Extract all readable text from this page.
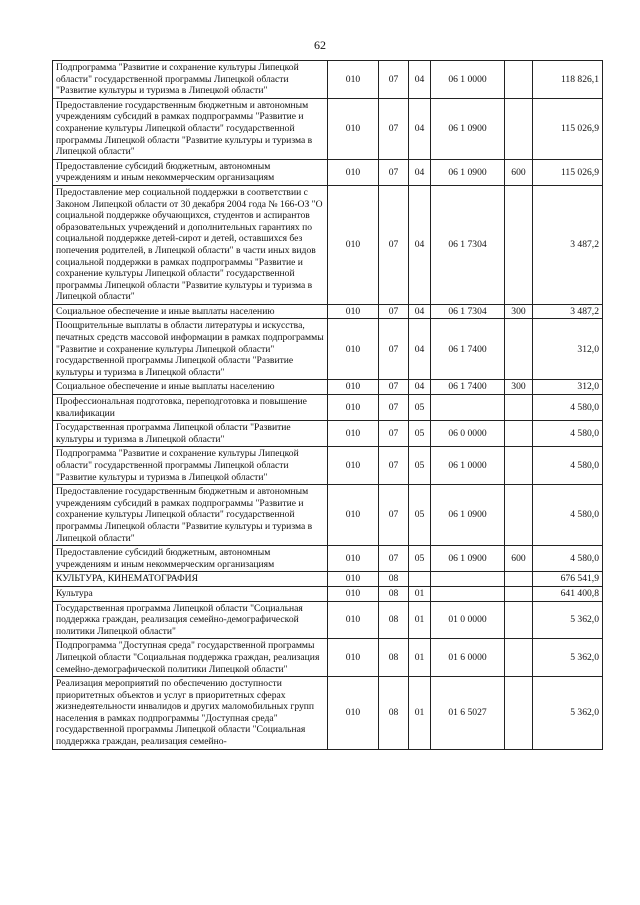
62
Подпрограмма "Развитие и сохранение культуры Липецкой области" государственной программы Липецкой области "Развитие культуры и туризма в Липецкой области"	010	07	04	06 1 0000		118 826,1
Предоставление государственным бюджетным и автономным учреждениям субсидий в рамках подпрограммы "Развитие и сохранение культуры Липецкой области" государственной программы Липецкой области "Развитие культуры и туризма в Липецкой области"	010	07	04	06 1 0900		115 026,9
Предоставление субсидий бюджетным, автономным учреждениям и иным некоммерческим организациям	010	07	04	06 1 0900	600	115 026,9
Предоставление мер социальной поддержки в соответствии с Законом Липецкой области от 30 декабря 2004 года № 166-ОЗ "О социальной поддержке обучающихся, студентов и аспирантов образовательных учреждений и дополнительных гарантиях по социальной поддержке детей-сирот и детей, оставшихся без попечения родителей, в Липецкой области" в части иных видов социальной поддержки в рамках подпрограммы "Развитие и сохранение культуры Липецкой области" государственной программы Липецкой области "Развитие культуры и туризма в Липецкой области"	010	07	04	06 1 7304		3 487,2
Социальное обеспечение и иные выплаты населению	010	07	04	06 1 7304	300	3 487,2
Поощрительные выплаты в области литературы и искусства, печатных средств массовой информации в рамках подпрограммы "Развитие и сохранение культуры Липецкой области" государственной программы Липецкой области "Развитие культуры и туризма в Липецкой области"	010	07	04	06 1 7400		312,0
Социальное обеспечение и иные выплаты населению	010	07	04	06 1 7400	300	312,0
Профессиональная подготовка, переподготовка и повышение квалификации	010	07	05			4 580,0
Государственная программа Липецкой области "Развитие культуры и туризма в Липецкой области"	010	07	05	06 0 0000		4 580,0
Подпрограмма "Развитие и сохранение культуры Липецкой области" государственной программы Липецкой области "Развитие культуры и туризма в Липецкой области"	010	07	05	06 1 0000		4 580,0
Предоставление государственным бюджетным и автономным учреждениям субсидий в рамках подпрограммы "Развитие и сохранение культуры Липецкой области" государственной программы Липецкой области "Развитие культуры и туризма в Липецкой области"	010	07	05	06 1 0900		4 580,0
Предоставление субсидий бюджетным, автономным учреждениям и иным некоммерческим организациям	010	07	05	06 1 0900	600	4 580,0
КУЛЬТУРА, КИНЕМАТОГРАФИЯ	010	08				676 541,9
Культура	010	08	01			641 400,8
Государственная программа Липецкой области "Социальная поддержка граждан, реализация семейно-демографической политики Липецкой области"	010	08	01	01 0 0000		5 362,0
Подпрограмма "Доступная среда" государственной программы Липецкой области "Социальная поддержка граждан, реализация семейно-демографической политики Липецкой области"	010	08	01	01 6 0000		5 362,0
Реализация мероприятий по обеспечению доступности приоритетных объектов и услуг в приоритетных сферах жизнедеятельности инвалидов и других маломобильных групп населения в рамках подпрограммы "Доступная среда" государственной программы Липецкой области "Социальная поддержка граждан, реализация семейно-	010	08	01	01 6 5027		5 362,0
